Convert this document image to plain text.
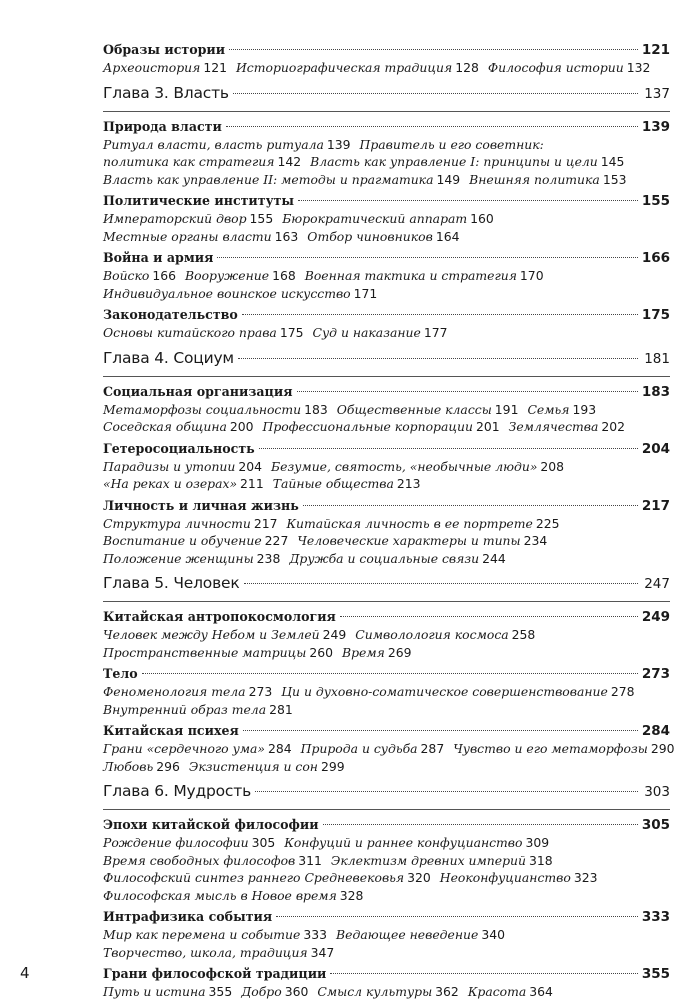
Образы истории	121
Археоистория 121 Историографическая традиция 128 Философия истории 132
Глава 3. Власть	137
Природа власти	139
Ритуал власти, власть ритуала 139 Правитель и его советник:
политика как стратегия 142 Власть как управление I: принципы и цели 145
Власть как управление II: методы и прагматика 149 Внешняя политика 153
Политические институты	155
Императорский двор 155 Бюрократический аппарат 160
Местные органы власти 163 Отбор чиновников 164
Война и армия	166
Войско 166 Вооружение 168 Военная тактика и стратегия 170
Индивидуальное воинское искусство 171
Законодательство	175
Основы китайского права 175 Суд и наказание 177
Глава 4. Социум	181
Социальная организация	183
Метаморфозы социальности 183 Общественные классы 191 Семья 193
Соседская община 200 Профессиональные корпорации 201 Землячества 202
Гетеросоциальность	204
Парадизы и утопии 204 Безумие, святость, «необычные люди» 208
«На реках и озерах» 211 Тайные общества 213
Личность и личная жизнь	217
Структура личности 217 Китайская личность в ее портрете 225
Воспитание и обучение 227 Человеческие характеры и типы 234
Положение женщины 238 Дружба и социальные связи 244
Глава 5. Человек	247
Китайская антропокосмология	249
Человек между Небом и Землей 249 Символология космоса 258
Пространственные матрицы 260 Время 269
Тело	273
Феноменология тела 273 Ци и духовно-соматическое совершенствование 278
Внутренний образ тела 281
Китайская психея	284
Грани «сердечного ума» 284 Природа и судьба 287 Чувство и его метаморфозы 290
Любовь 296 Экзистенция и сон 299
Глава 6. Мудрость	303
Эпохи китайской философии	305
Рождение философии 305 Конфуций и раннее конфуцианство 309
Время свободных философов 311 Эклектизм древних империй 318
Философский синтез раннего Средневековья 320 Неоконфуцианство 323
Философская мысль в Новое время 328
Интрафизика события	333
Мир как перемена и событие 333 Ведающее неведение 340
Творчество, школа, традиция 347
Грани философской традиции	355
Путь и истина 355 Добро 360 Смысл культуры 362 Красота 364
4
